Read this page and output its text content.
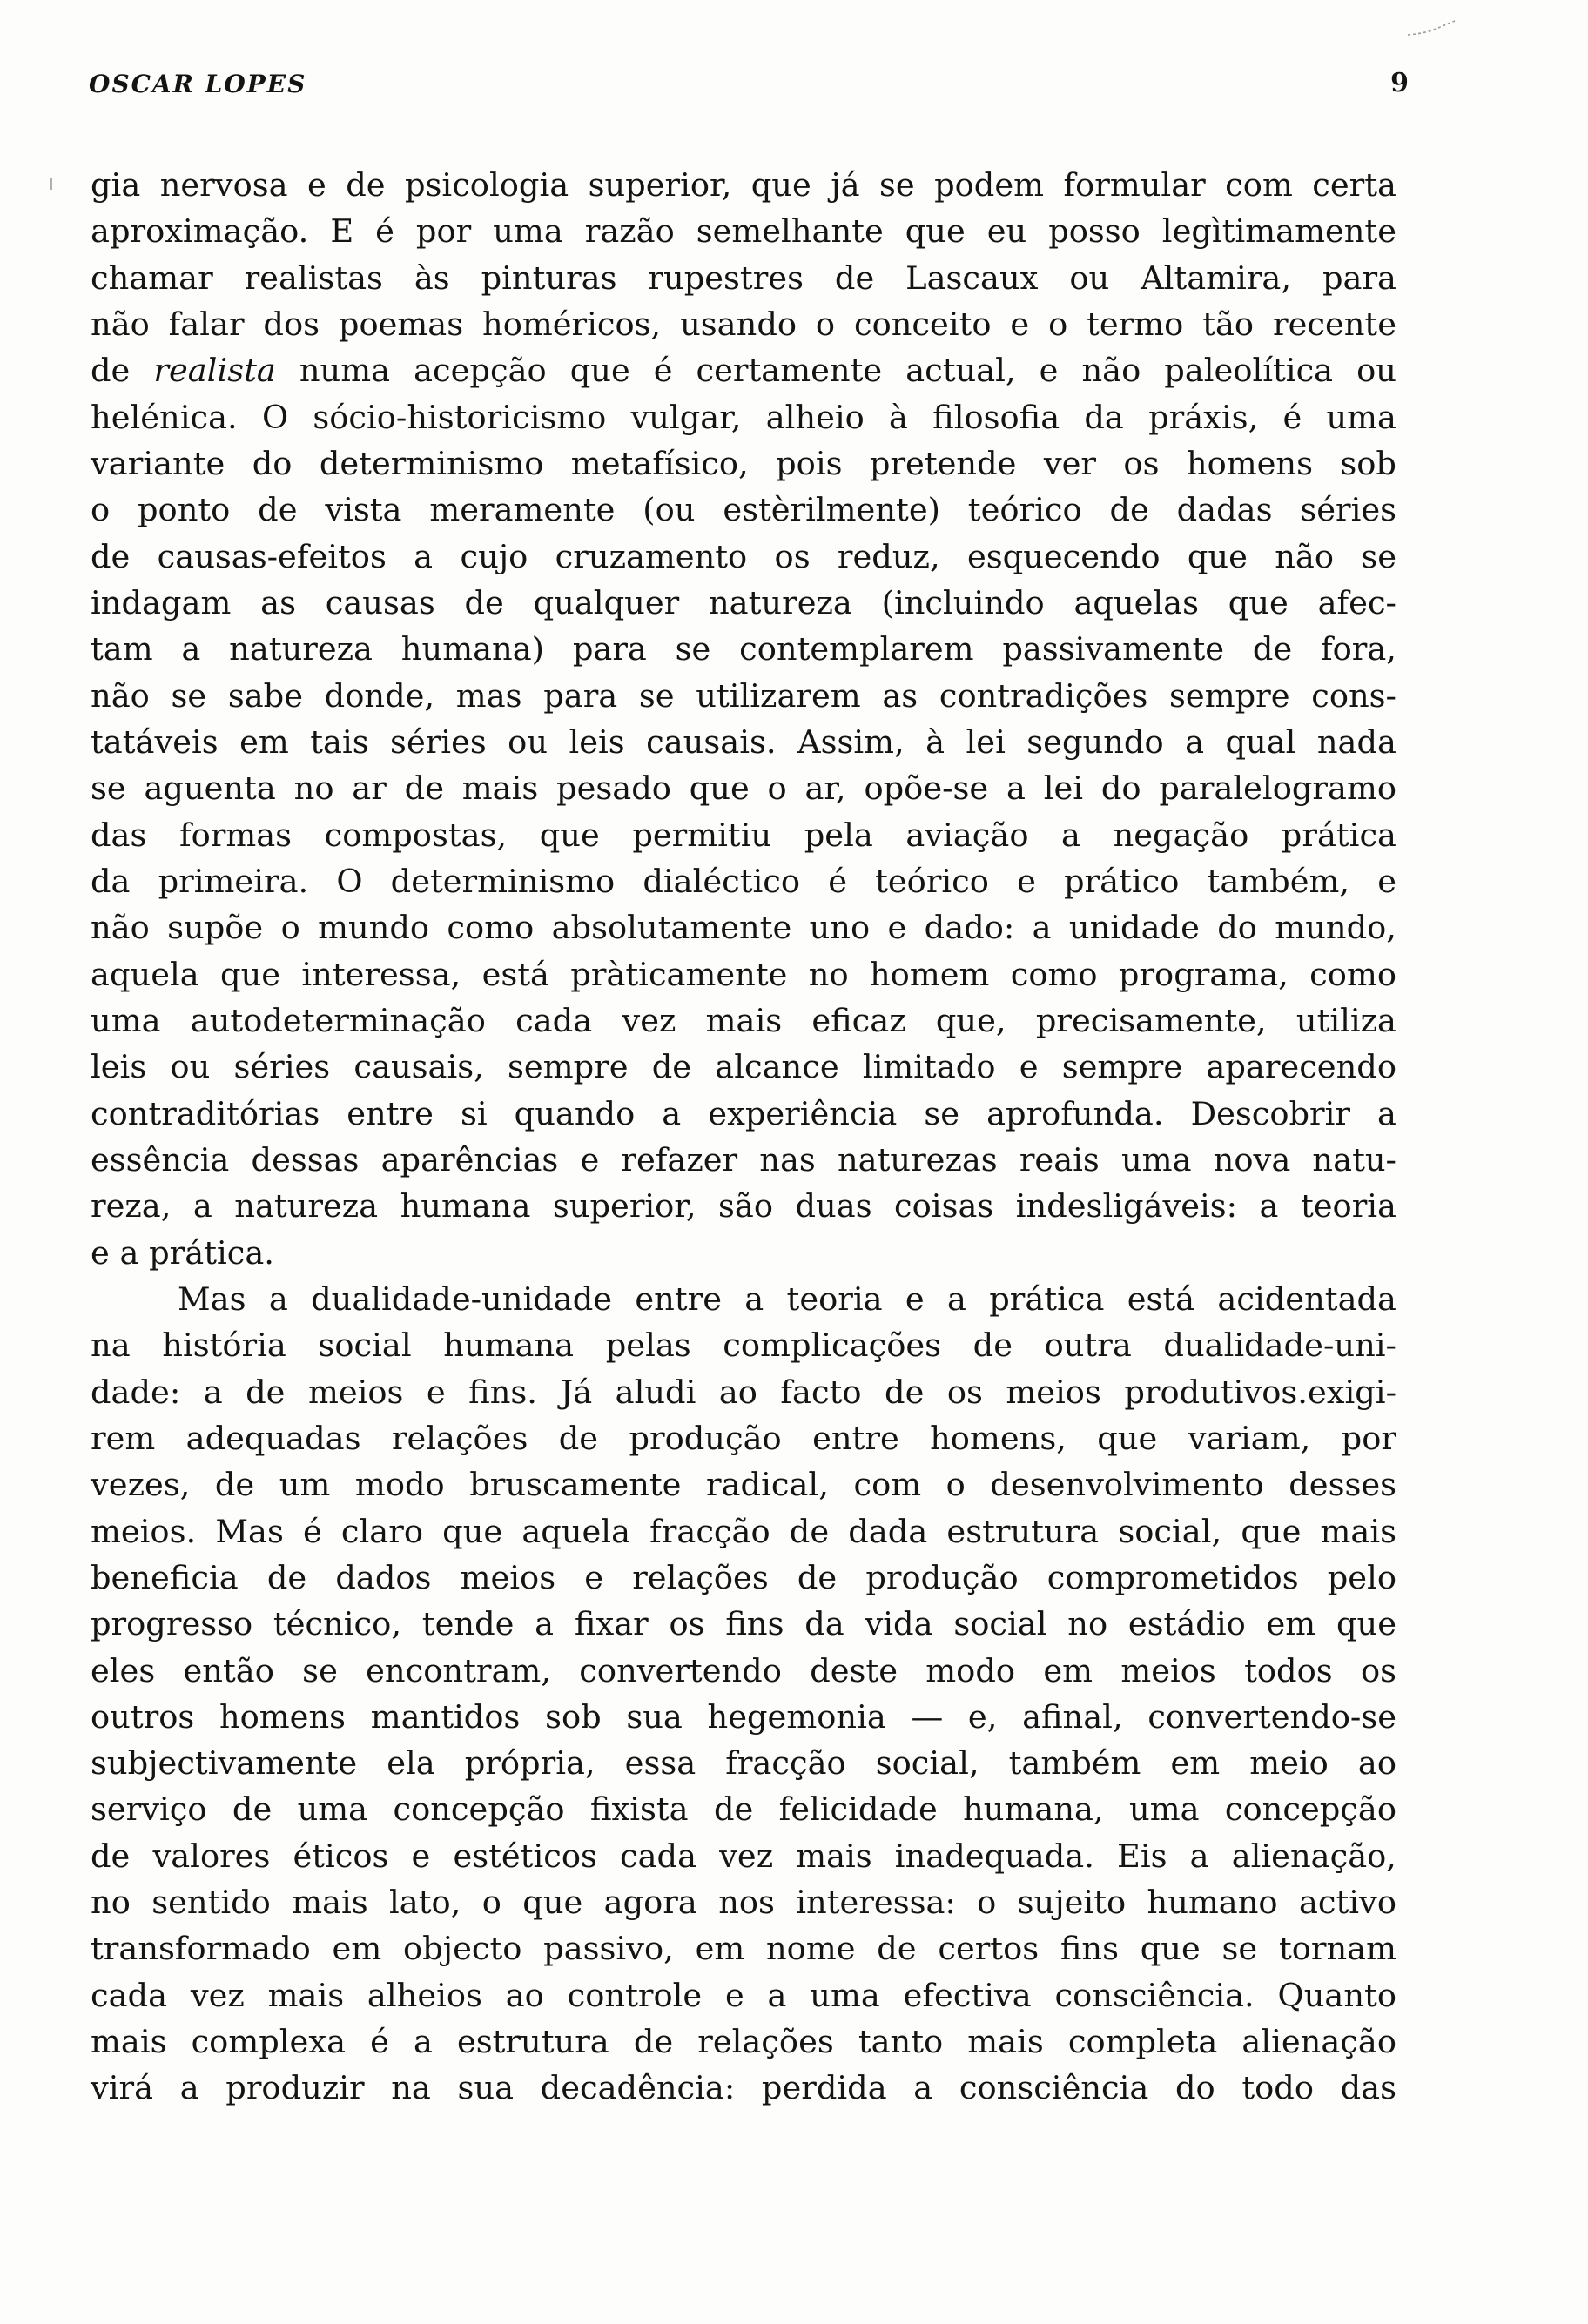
OSCAR LOPES	9
gia nervosa e de psicologia superior, que já se podem formular com certa
aproximação. E é por uma razão semelhante que eu posso legìtimamente
chamar realistas às pinturas rupestres de Lascaux ou Altamira, para
não falar dos poemas homéricos, usando o conceito e o termo tão recente
de realista numa acepção que é certamente actual, e não paleolítica ou
helénica. O sócio-historicismo vulgar, alheio à filosofia da práxis, é uma
variante do determinismo metafísico, pois pretende ver os homens sob
o ponto de vista meramente (ou estèrilmente) teórico de dadas séries
de causas-efeitos a cujo cruzamento os reduz, esquecendo que não se
indagam as causas de qualquer natureza (incluindo aquelas que afec-
tam a natureza humana) para se contemplarem passivamente de fora,
não se sabe donde, mas para se utilizarem as contradições sempre cons-
tatáveis em tais séries ou leis causais. Assim, à lei segundo a qual nada
se aguenta no ar de mais pesado que o ar, opõe-se a lei do paralelogramo
das formas compostas, que permitiu pela aviação a negação prática
da primeira. O determinismo dialéctico é teórico e prático também, e
não supõe o mundo como absolutamente uno e dado: a unidade do mundo,
aquela que interessa, está pràticamente no homem como programa, como
uma autodeterminação cada vez mais eficaz que, precisamente, utiliza
leis ou séries causais, sempre de alcance limitado e sempre aparecendo
contraditórias entre si quando a experiência se aprofunda. Descobrir a
essência dessas aparências e refazer nas naturezas reais uma nova natu-
reza, a natureza humana superior, são duas coisas indesligáveis: a teoria
e a prática.
Mas a dualidade-unidade entre a teoria e a prática está acidentada
na história social humana pelas complicações de outra dualidade-uni-
dade: a de meios e fins. Já aludi ao facto de os meios produtivos.exigi-
rem adequadas relações de produção entre homens, que variam, por
vezes, de um modo bruscamente radical, com o desenvolvimento desses
meios. Mas é claro que aquela fracção de dada estrutura social, que mais
beneficia de dados meios e relações de produção comprometidos pelo
progresso técnico, tende a fixar os fins da vida social no estádio em que
eles então se encontram, convertendo deste modo em meios todos os
outros homens mantidos sob sua hegemonia — e, afinal, convertendo-se
subjectivamente ela própria, essa fracção social, também em meio ao
serviço de uma concepção fixista de felicidade humana, uma concepção
de valores éticos e estéticos cada vez mais inadequada. Eis a alienação,
no sentido mais lato, o que agora nos interessa: o sujeito humano activo
transformado em objecto passivo, em nome de certos fins que se tornam
cada vez mais alheios ao controle e a uma efectiva consciência. Quanto
mais complexa é a estrutura de relações tanto mais completa alienação
virá a produzir na sua decadência: perdida a consciência do todo das
